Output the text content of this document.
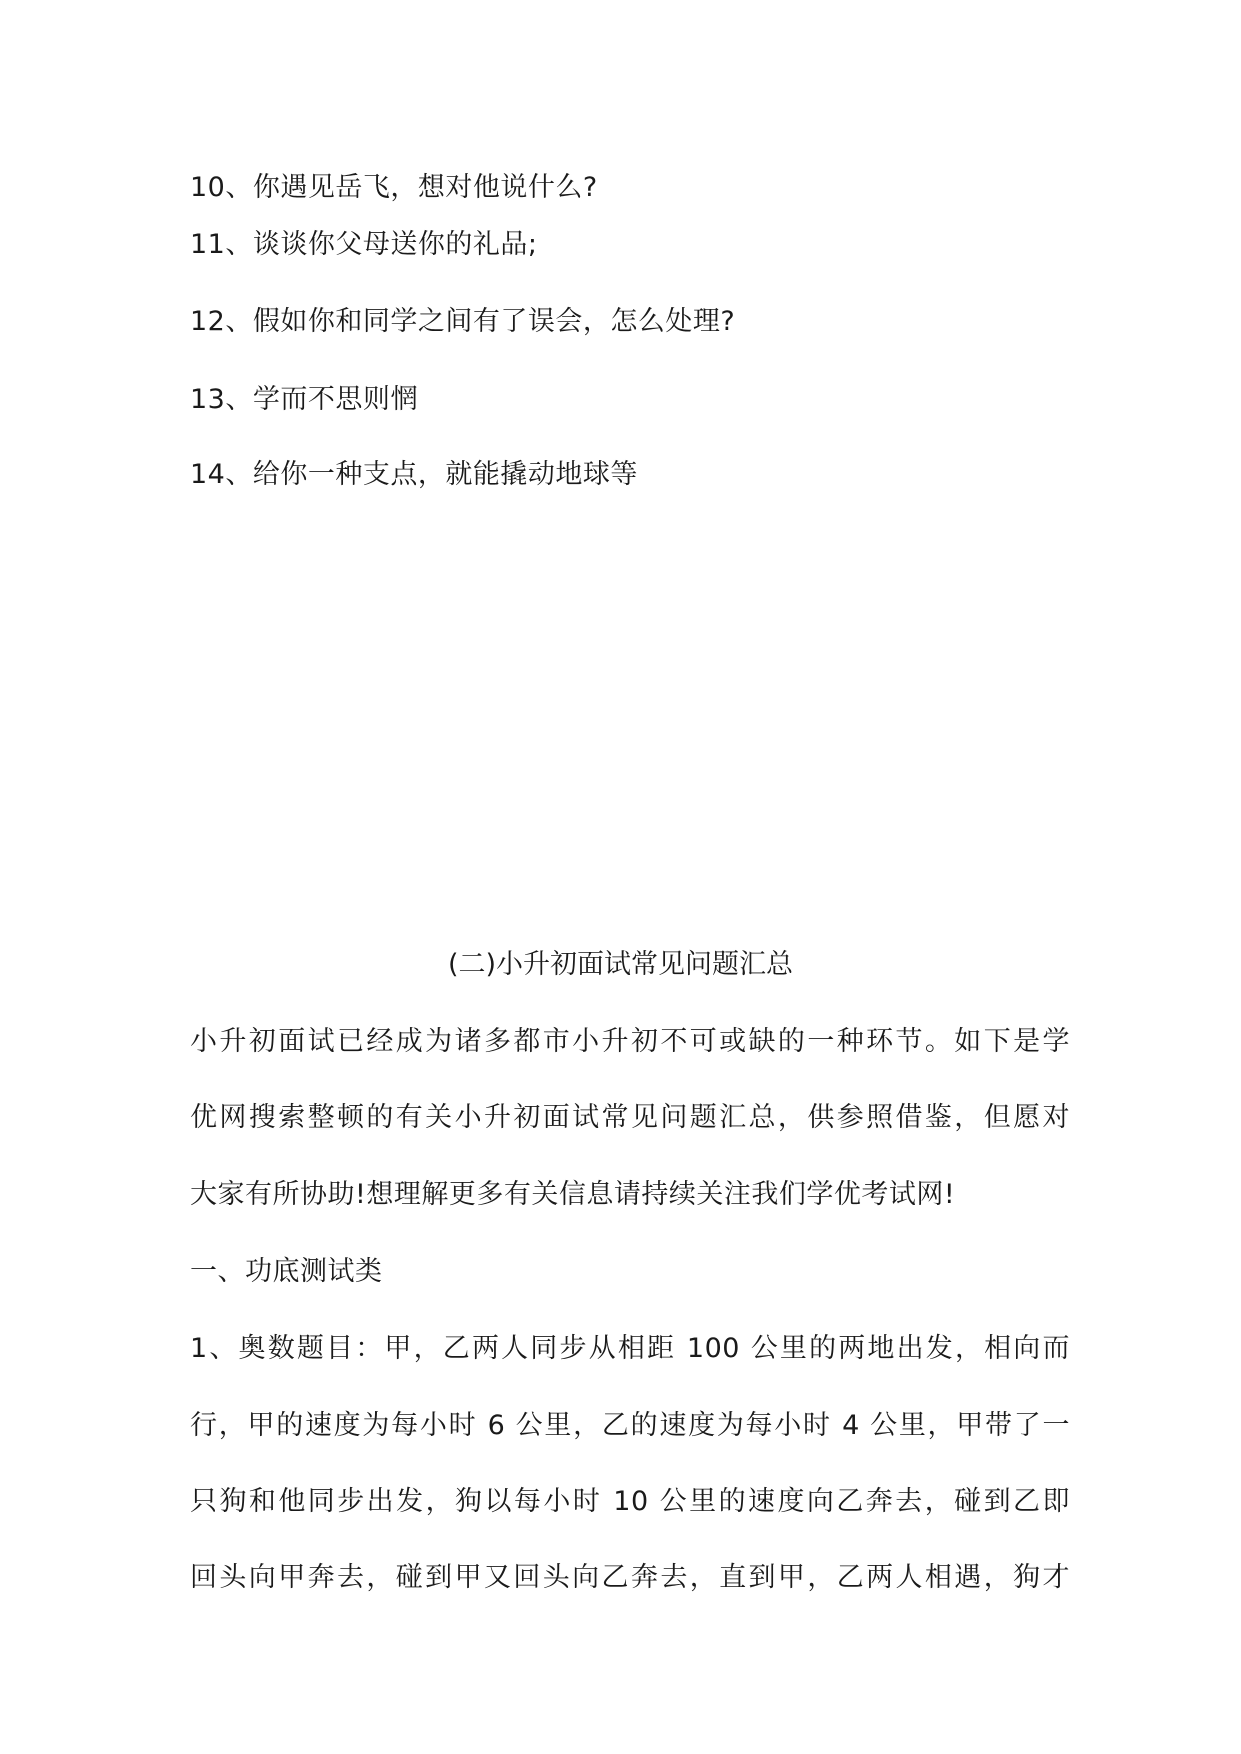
10、你遇见岳飞，想对他说什么?
11、谈谈你父母送你的礼品;
12、假如你和同学之间有了误会，怎么处理?
13、学而不思则惘
14、给你一种支点，就能撬动地球等
(二)小升初面试常见问题汇总
小升初面试已经成为诸多都市小升初不可或缺的一种环节。如下是学
优网搜索整顿的有关小升初面试常见问题汇总，供参照借鉴，但愿对
大家有所协助!想理解更多有关信息请持续关注我们学优考试网!
一、功底测试类
1、奥数题目：甲，乙两人同步从相距 100 公里的两地出发，相向而
行，甲的速度为每小时 6 公里，乙的速度为每小时 4 公里，甲带了一
只狗和他同步出发，狗以每小时 10 公里的速度向乙奔去，碰到乙即
回头向甲奔去，碰到甲又回头向乙奔去，直到甲，乙两人相遇，狗才
